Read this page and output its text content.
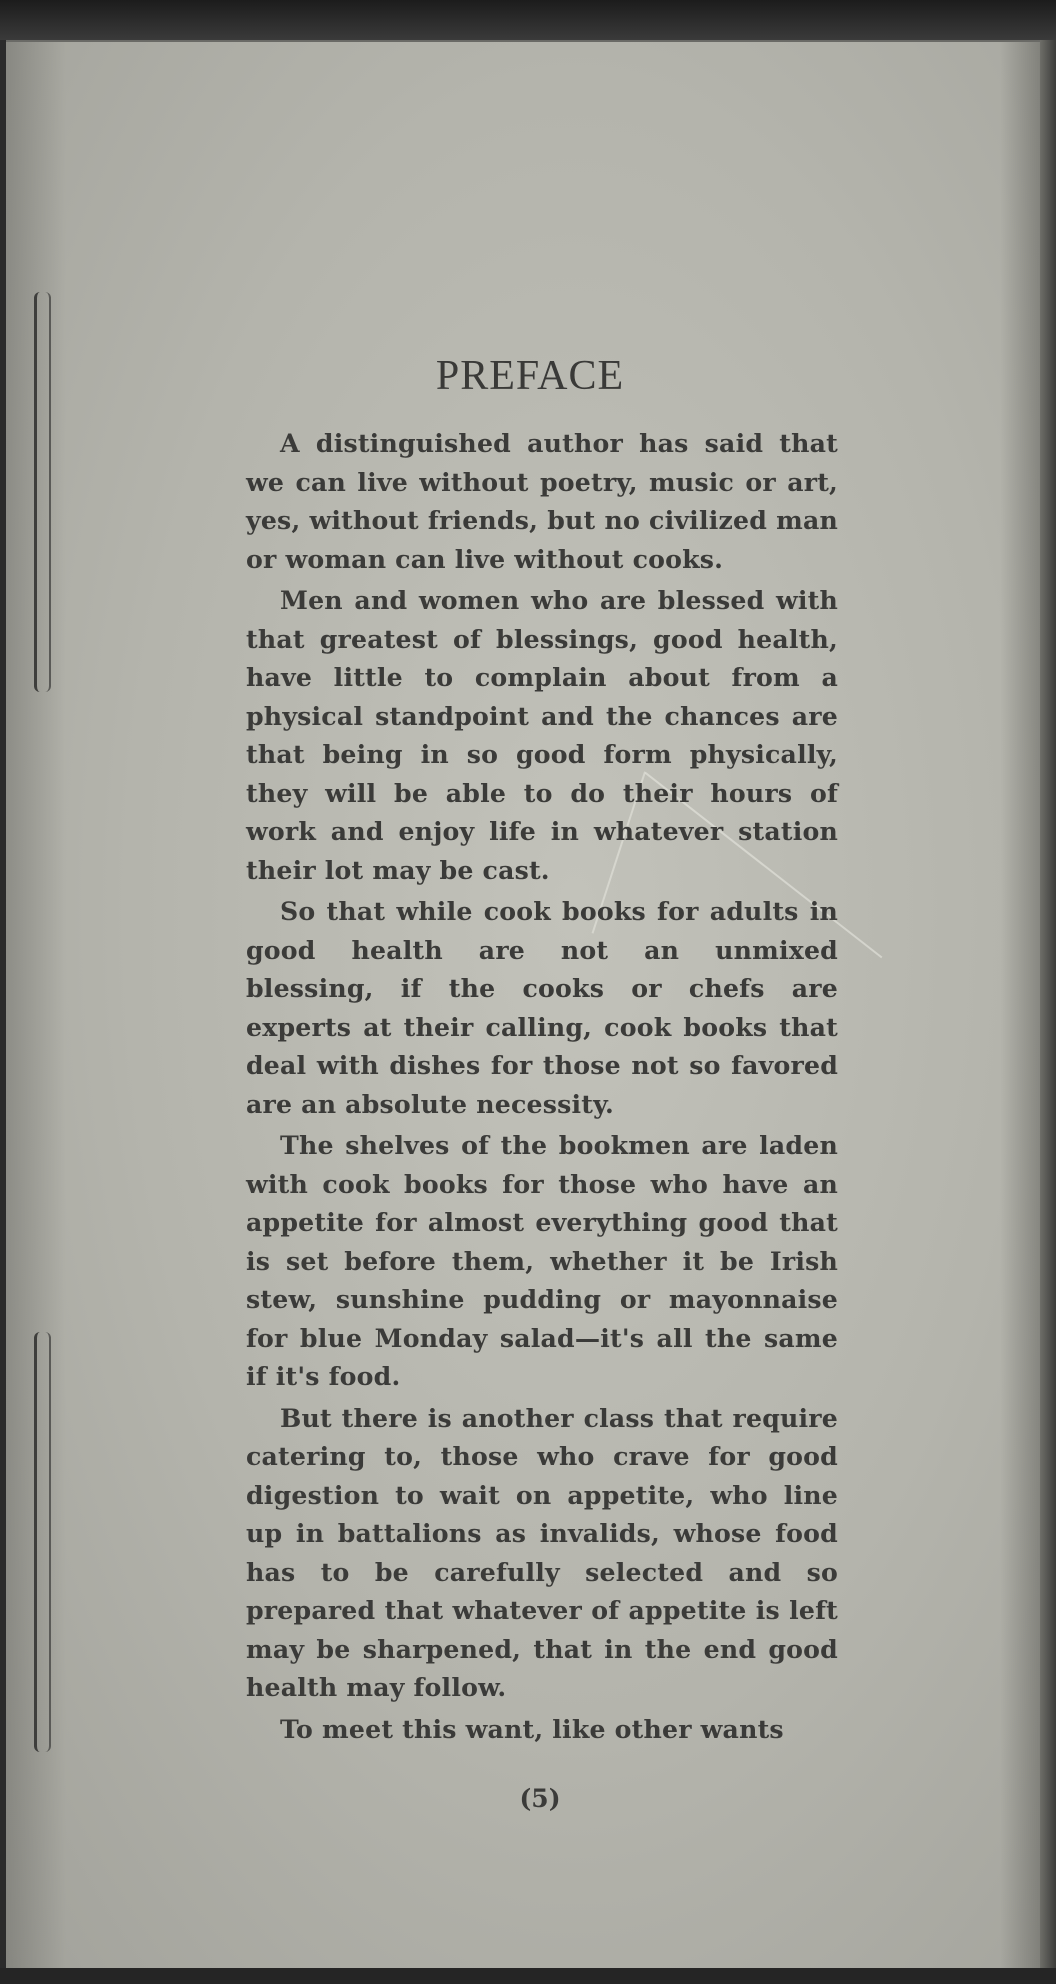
PREFACE

A distinguished author has said that we can live without poetry, music or art, yes, without friends, but no civilized man or woman can live without cooks.

Men and women who are blessed with that greatest of blessings, good health, have little to complain about from a physical standpoint and the chances are that being in so good form physically, they will be able to do their hours of work and enjoy life in whatever station their lot may be cast.

So that while cook books for adults in good health are not an unmixed blessing, if the cooks or chefs are experts at their calling, cook books that deal with dishes for those not so favored are an absolute necessity.

The shelves of the bookmen are laden with cook books for those who have an appetite for almost everything good that is set before them, whether it be Irish stew, sunshine pudding or mayonnaise for blue Monday salad—it's all the same if it's food.

But there is another class that require catering to, those who crave for good digestion to wait on appetite, who line up in battalions as invalids, whose food has to be carefully selected and so prepared that whatever of appetite is left may be sharpened, that in the end good health may follow.

To meet this want, like other wants

(5)
